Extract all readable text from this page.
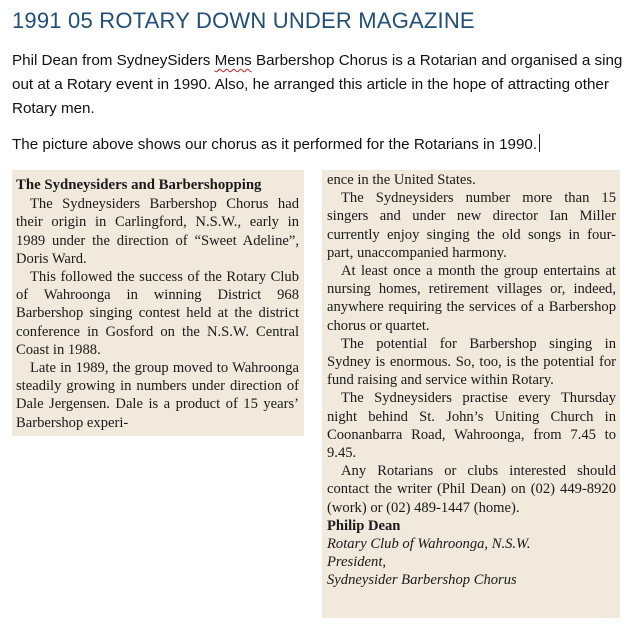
1991 05 ROTARY DOWN UNDER MAGAZINE
Phil Dean from SydneySiders Mens Barbershop Chorus is a Rotarian and organised a sing out at a Rotary event in 1990. Also, he arranged this article in the hope of attracting other Rotary men.
The picture above shows our chorus as it performed for the Rotarians in 1990.

The Sydneysiders and Barbershopping

The Sydneysiders Barbershop Chorus had their origin in Carlingford, N.S.W., early in 1989 under the direction of “Sweet Adeline”, Doris Ward.

This followed the success of the Rotary Club of Wahroonga in winning District 968 Barbershop singing contest held at the district conference in Gosford on the N.S.W. Central Coast in 1988.

Late in 1989, the group moved to Wahroonga steadily growing in numbers under direction of Dale Jergensen. Dale is a product of 15 years’ Barbershop experi-

ence in the United States.

The Sydneysiders number more than 15 singers and under new director Ian Miller currently enjoy singing the old songs in four-part, unaccompanied harmony.

At least once a month the group entertains at nursing homes, retirement villages or, indeed, anywhere requiring the services of a Barbershop chorus or quartet.

The potential for Barbershop singing in Sydney is enormous. So, too, is the potential for fund raising and service within Rotary.

The Sydneysiders practise every Thursday night behind St. John’s Uniting Church in Coonanbarra Road, Wahroonga, from 7.45 to 9.45.

Any Rotarians or clubs interested should contact the writer (Phil Dean) on (02) 449-8920 (work) or (02) 489-1447 (home).

Philip Dean

Rotary Club of Wahroonga, N.S.W.

President,

Sydneysider Barbershop Chorus
